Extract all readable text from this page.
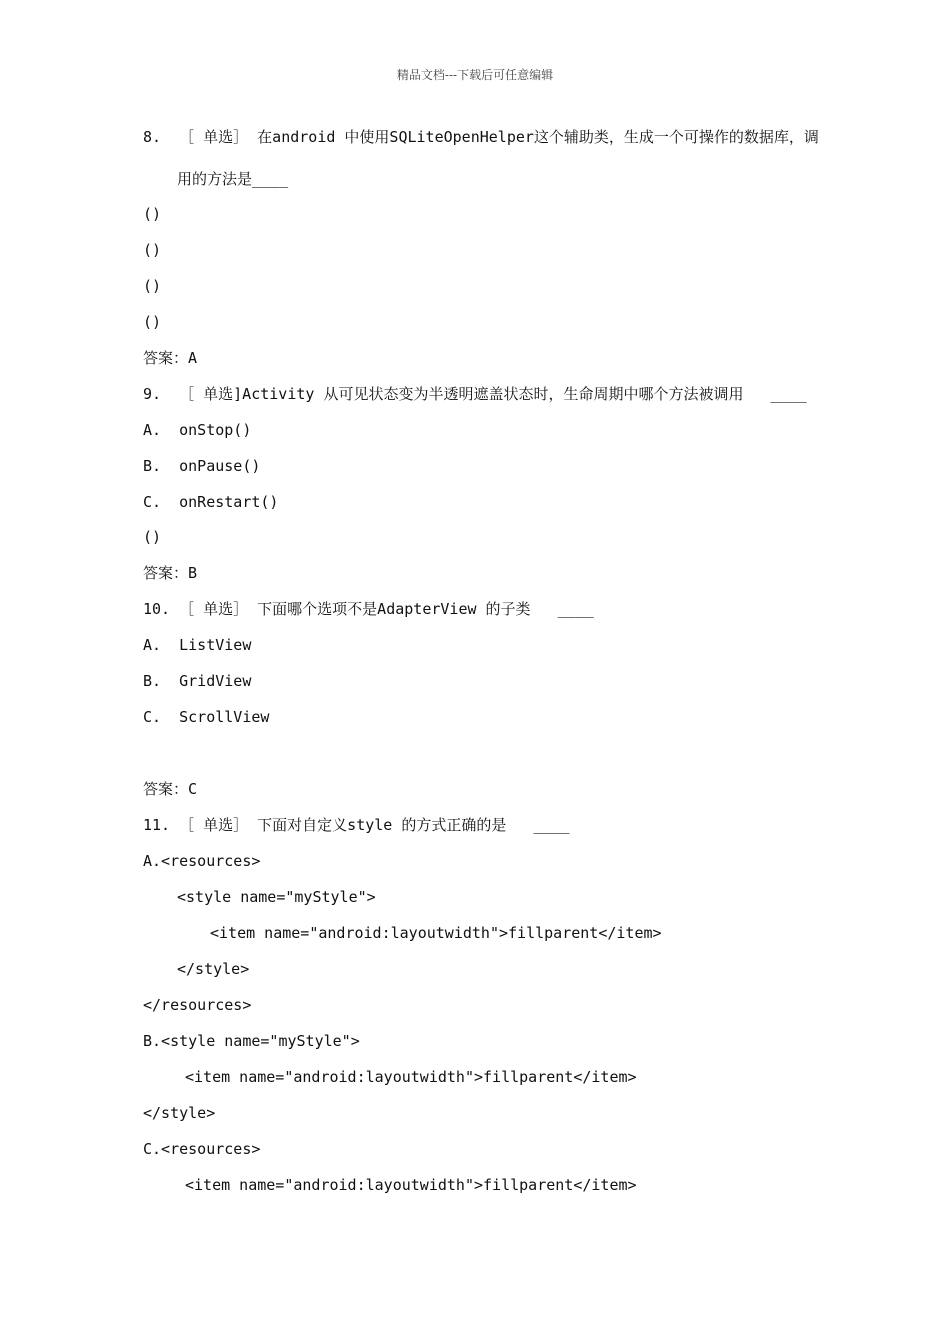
精品文档---下载后可任意编辑
8.  ［ 单选］ 在android 中使用SQLiteOpenHelper这个辅助类，生成一个可操作的数据库，调
用的方法是____
()
()
()
()
答案：A
9.  ［ 单选]Activity 从可见状态变为半透明遮盖状态时，生命周期中哪个方法被调用   ____
A.  onStop()
B.  onPause()
C.  onRestart()
()
答案：B
10. ［ 单选］ 下面哪个选项不是AdapterView 的子类   ____
A.  ListView
B.  GridView
C.  ScrollView
答案：C
11. ［ 单选］ 下面对自定义style 的方式正确的是   ____
A.<resources>
<style name="myStyle">
<item name="android:layoutwidth">fillparent</item>
</style>
</resources>
B.<style name="myStyle">
<item name="android:layoutwidth">fillparent</item>
</style>
C.<resources>
<item name="android:layoutwidth">fillparent</item>
